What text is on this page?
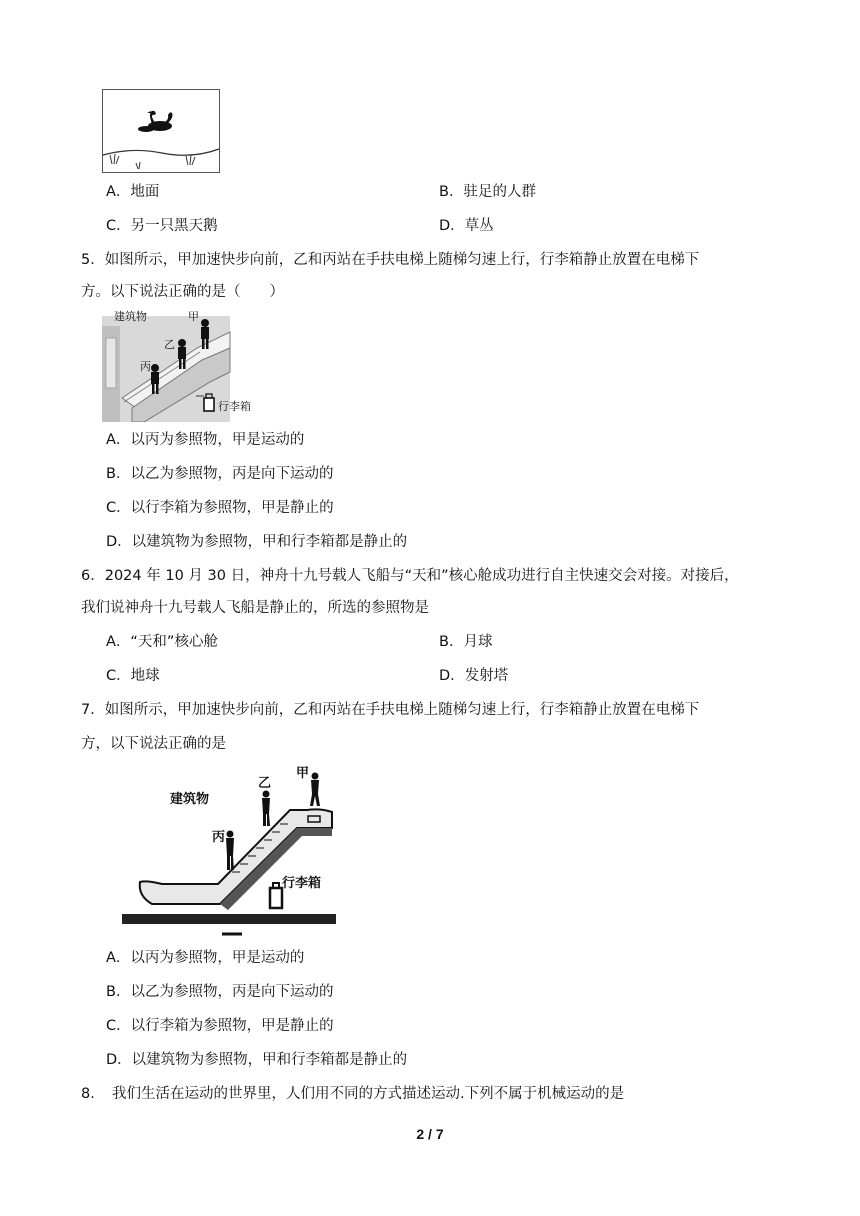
A．地面	B．驻足的人群
C．另一只黑天鹅	D．草丛
5．如图所示，甲加速快步向前，乙和丙站在手扶电梯上随梯匀速上行，行李箱静止放置在电梯下
方。以下说法正确的是（　　）
建筑物	甲
乙
丙
行李箱
A．以丙为参照物，甲是运动的
B．以乙为参照物，丙是向下运动的
C．以行李箱为参照物，甲是静止的
D．以建筑物为参照物，甲和行李箱都是静止的
6．2024 年 10 月 30 日，神舟十九号载人飞船与“天和”核心舱成功进行自主快速交会对接。对接后，
我们说神舟十九号载人飞船是静止的，所选的参照物是
A．“天和”核心舱	B．月球
C．地球	D．发射塔
7．如图所示，甲加速快步向前，乙和丙站在手扶电梯上随梯匀速上行，行李箱静止放置在电梯下
方，以下说法正确的是
建筑物
甲
乙
丙
行李箱
A．以丙为参照物，甲是运动的
B．以乙为参照物，丙是向下运动的
C．以行李箱为参照物，甲是静止的
D．以建筑物为参照物，甲和行李箱都是静止的
8．　我们生活在运动的世界里，人们用不同的方式描述运动.下列不属于机械运动的是
2 / 7
